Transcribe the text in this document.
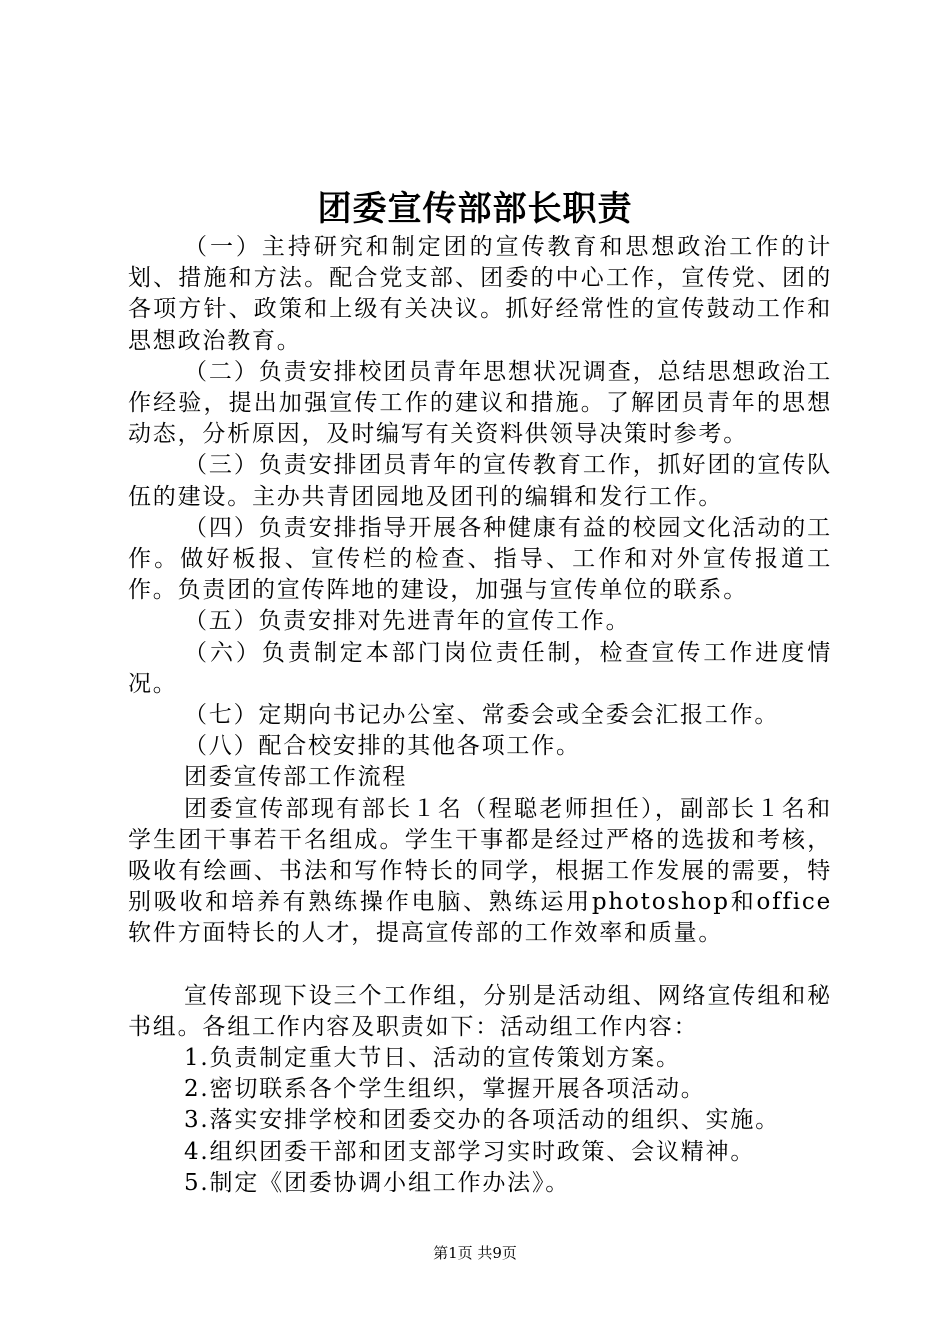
团委宣传部部长职责

（一）主持研究和制定团的宣传教育和思想政治工作的计划、措施和方法。配合党支部、团委的中心工作，宣传党、团的各项方针、政策和上级有关决议。抓好经常性的宣传鼓动工作和思想政治教育。

（二）负责安排校团员青年思想状况调查，总结思想政治工作经验，提出加强宣传工作的建议和措施。了解团员青年的思想动态，分析原因，及时编写有关资料供领导决策时参考。

（三）负责安排团员青年的宣传教育工作，抓好团的宣传队伍的建设。主办共青团园地及团刊的编辑和发行工作。

（四）负责安排指导开展各种健康有益的校园文化活动的工作。做好板报、宣传栏的检查、指导、工作和对外宣传报道工作。负责团的宣传阵地的建设，加强与宣传单位的联系。

（五）负责安排对先进青年的宣传工作。

（六）负责制定本部门岗位责任制，检查宣传工作进度情况。

（七）定期向书记办公室、常委会或全委会汇报工作。

（八）配合校安排的其他各项工作。

团委宣传部工作流程

团委宣传部现有部长１名（程聪老师担任），副部长１名和学生团干事若干名组成。学生干事都是经过严格的选拔和考核，吸收有绘画、书法和写作特长的同学，根据工作发展的需要，特别吸收和培养有熟练操作电脑、熟练运用photoshop和office软件方面特长的人才，提高宣传部的工作效率和质量。

宣传部现下设三个工作组，分别是活动组、网络宣传组和秘书组。各组工作内容及职责如下：活动组工作内容：

1.负责制定重大节日、活动的宣传策划方案。

2.密切联系各个学生组织，掌握开展各项活动。

3.落实安排学校和团委交办的各项活动的组织、实施。

4.组织团委干部和团支部学习实时政策、会议精神。

5.制定《团委协调小组工作办法》。

第1页 共9页
